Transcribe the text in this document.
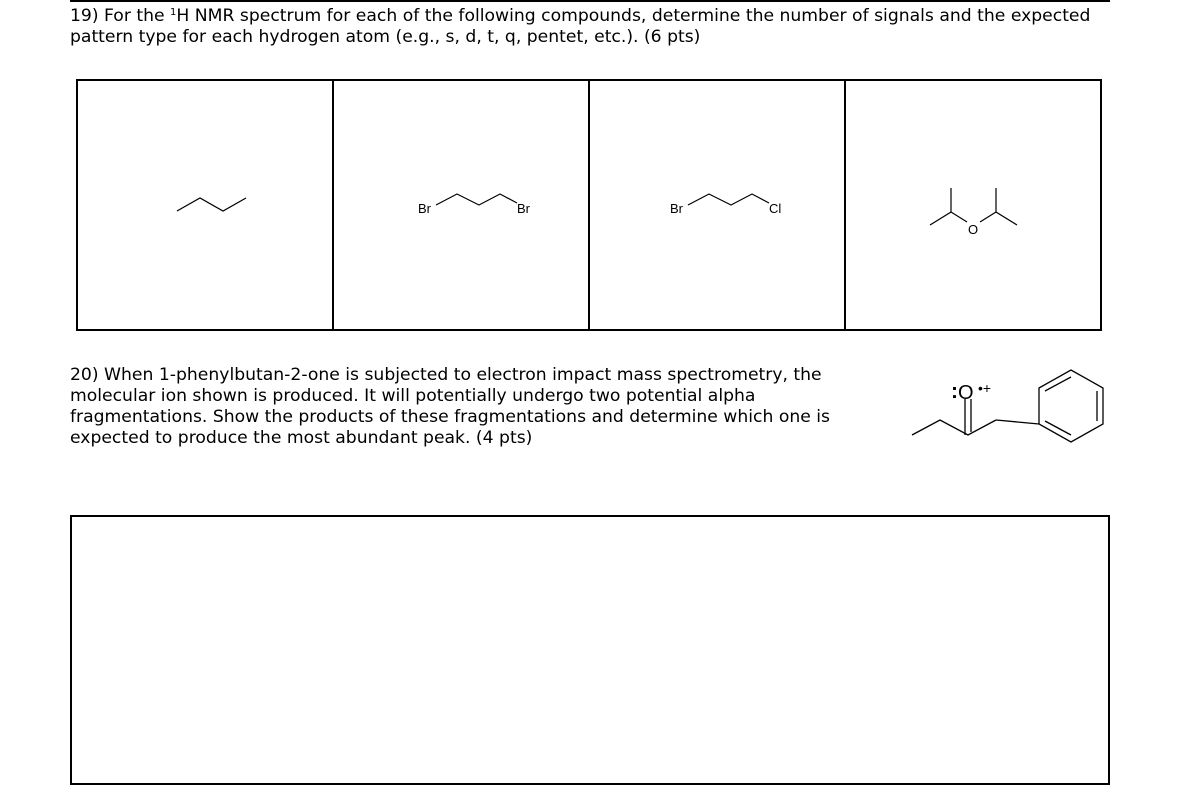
19) For the $^1$H NMR spectrum for each of the following compounds, determine the number of signals and the expected pattern type for each hydrogen atom (e.g., s, d, t, q, pentet, etc.). (6 pts)

Br	Br	Br	Cl

O

20) When 1-phenylbutan-2-one is subjected to electron impact mass spectrometry, the molecular ion shown is produced. It will potentially undergo two potential alpha fragmentations. Show the products of these fragmentations and determine which one is expected to produce the most abundant peak. (4 pts)

: O •+
